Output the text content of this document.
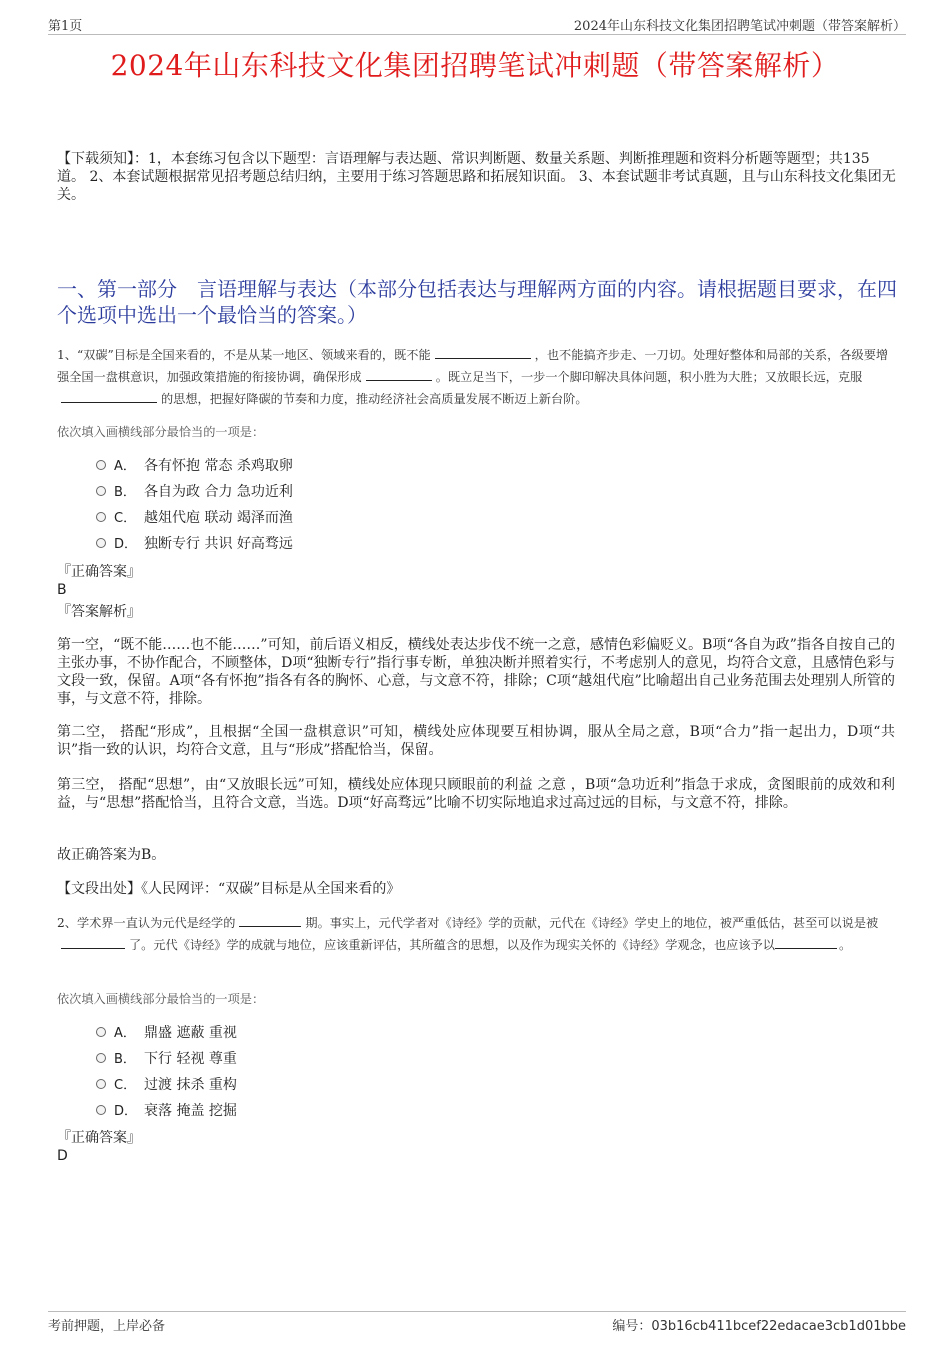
第1页	2024年山东科技文化集团招聘笔试冲刺题（带答案解析）
2024年山东科技文化集团招聘笔试冲刺题（带答案解析）
【下载须知】：1，本套练习包含以下题型：言语理解与表达题、常识判断题、数量关系题、判断推理题和资料分析题等题型；共135道。 2、本套试题根据常见招考题总结归纳，主要用于练习答题思路和拓展知识面。 3、本套试题非考试真题，且与山东科技文化集团无关。
一、第一部分　言语理解与表达（本部分包括表达与理解两方面的内容。请根据题目要求，在四个选项中选出一个最恰当的答案。）
1、“双碳”目标是全国来看的，不是从某一地区、领域来看的，既不能	，也不能搞齐步走、一刀切。处理好整体和局部的关系，各级要增强全国一盘棋意识，加强政策措施的衔接协调，确保形成	。既立足当下，一步一个脚印解决具体问题，积小胜为大胜；又放眼长远，克服的思想，把握好降碳的节奏和力度，推动经济社会高质量发展不断迈上新台阶。
依次填入画横线部分最恰当的一项是：
A． 各有怀抱 常态 杀鸡取卵
B． 各自为政 合力 急功近利
C． 越俎代庖 联动 竭泽而渔
D． 独断专行 共识 好高骛远
『正确答案』
B
『答案解析』
第一空，“既不能……也不能……”可知，前后语义相反，横线处表达步伐不统一之意，感情色彩偏贬义。B项“各自为政”指各自按自己的主张办事，不协作配合，不顾整体，D项“独断专行”指行事专断，单独决断并照着实行，不考虑别人的意见，均符合文意，且感情色彩与文段一致，保留。A项“各有怀抱”指各有各的胸怀、心意，与文意不符，排除；C项“越俎代庖”比喻超出自己业务范围去处理别人所管的事，与文意不符，排除。
第二空， 搭配“形成”，且根据“全国一盘棋意识”可知，横线处应体现要互相协调，服从全局之意，B项“合力”指一起出力，D项“共识”指一致的认识，均符合文意，且与“形成”搭配恰当，保留。
第三空， 搭配“思想”，由“又放眼长远”可知，横线处应体现只顾眼前的利益 之意 ，B项“急功近利”指急于求成，贪图眼前的成效和利益，与“思想”搭配恰当，且符合文意，当选。D项“好高骛远”比喻不切实际地追求过高过远的目标，与文意不符，排除。
故正确答案为B。
【文段出处】《人民网评：“双碳”目标是从全国来看的》
2、学术界一直认为元代是经学的	期。事实上，元代学者对《诗经》学的贡献，元代在《诗经》学史上的地位，被严重低估，甚至可以说是被了。元代《诗经》学的成就与地位，应该重新评估，其所蕴含的思想，以及作为现实关怀的《诗经》学观念，也应该予以	。
依次填入画横线部分最恰当的一项是：
A． 鼎盛 遮蔽 重视
B． 下行 轻视 尊重
C． 过渡 抹杀 重构
D． 衰落 掩盖 挖掘
『正确答案』
D
考前押题，上岸必备	编号：03b16cb411bcef22edacae3cb1d01bbe
